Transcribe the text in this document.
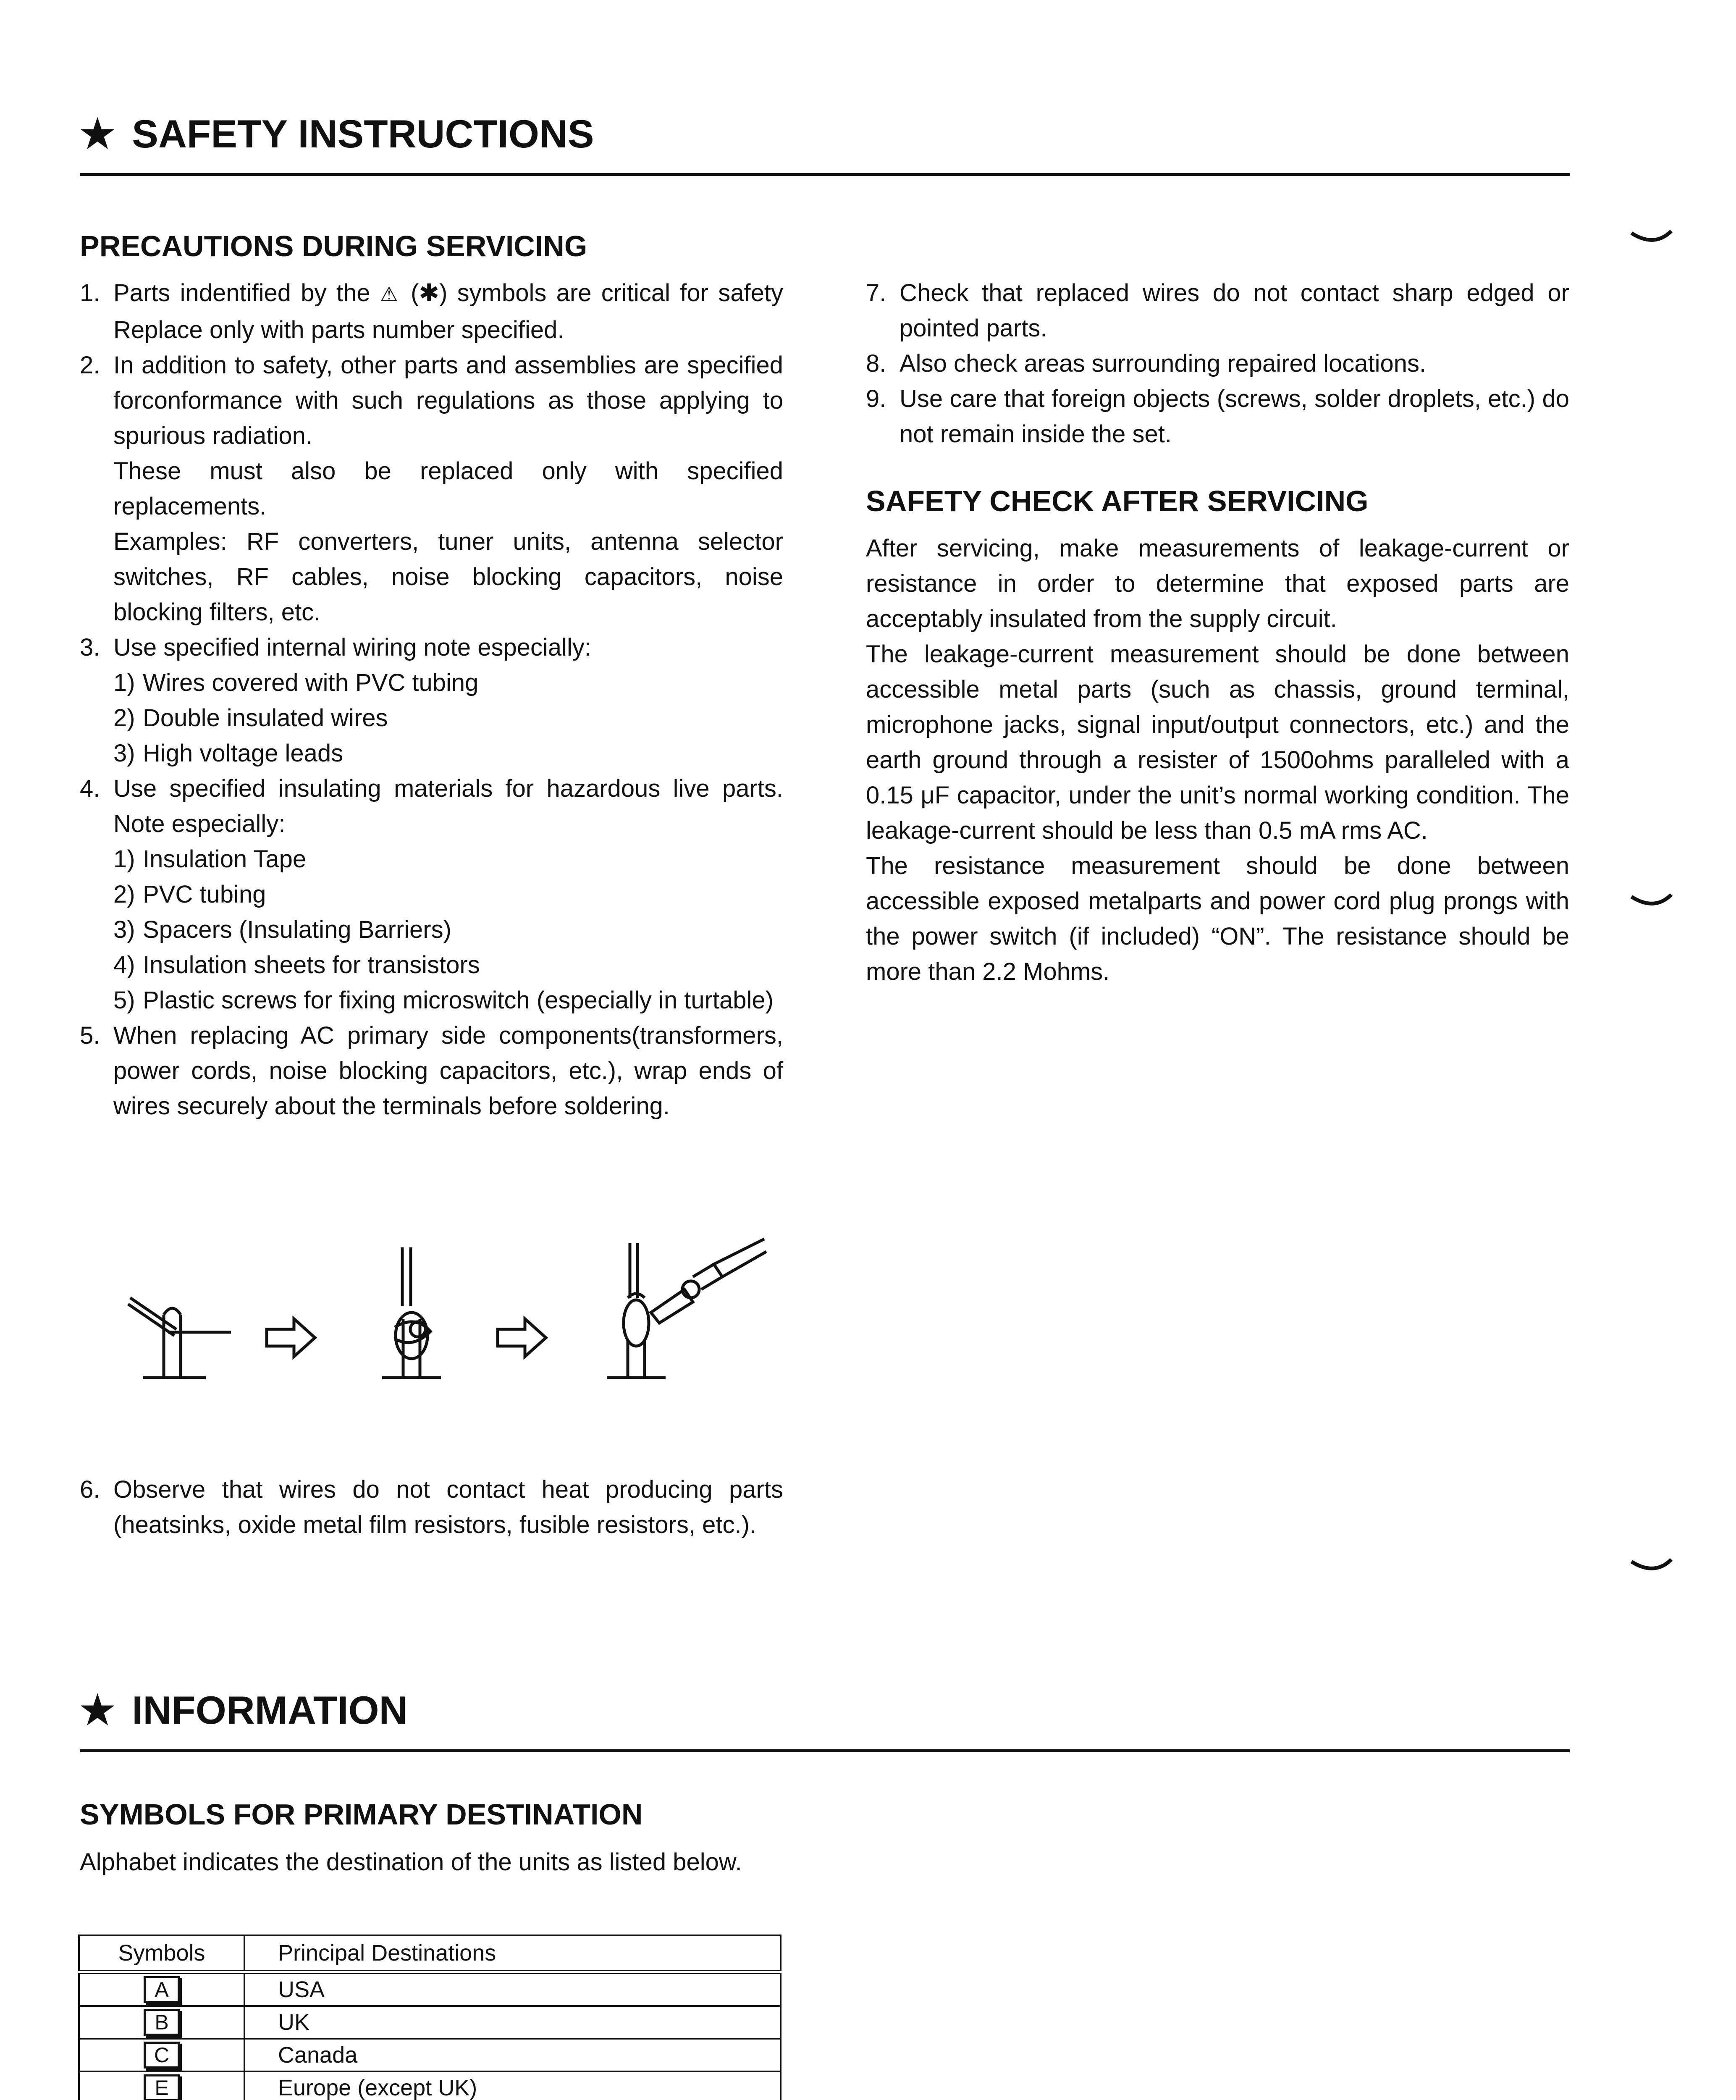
★ SAFETY INSTRUCTIONS
PRECAUTIONS DURING SERVICING
1. Parts indentified by the ⚠ (✱) symbols are critical for safety Replace only with parts number specified.
2. In addition to safety, other parts and assemblies are specified forconformance with such regulations as those applying to spurious radiation.

These must also be replaced only with specified replacements.

Examples: RF converters, tuner units, antenna selector switches, RF cables, noise blocking capacitors, noise blocking filters, etc.

3. Use specified internal wiring note especially:

1) Wires covered with PVC tubing
2) Double insulated wires
3) High voltage leads
4. Use specified insulating materials for hazardous live parts. Note especially:

1) Insulation Tape
2) PVC tubing
3) Spacers (Insulating Barriers)
4) Insulation sheets for transistors
5) Plastic screws for fixing microswitch (especially in turtable)
5. When replacing AC primary side components(transformers, power cords, noise blocking capacitors, etc.), wrap ends of wires securely about the terminals before soldering.

6. Observe that wires do not contact heat producing parts (heatsinks, oxide metal film resistors, fusible resistors, etc.).

7. Check that replaced wires do not contact sharp edged or pointed parts.

8. Also check areas surrounding repaired locations.

9. Use care that foreign objects (screws, solder droplets, etc.) do not remain inside the set.

SAFETY CHECK AFTER SERVICING

After servicing, make measurements of leakage-current or resistance in order to determine that exposed parts are acceptably insulated from the supply circuit.

The leakage-current measurement should be done between accessible metal parts (such as chassis, ground terminal, microphone jacks, signal input/output connectors, etc.) and the earth ground through a resister of 1500ohms paralleled with a 0.15 μF capacitor, under the unit’s normal working condition. The leakage-current should be less than 0.5 mA rms AC.

The resistance measurement should be done between accessible exposed metalparts and power cord plug prongs with the power switch (if included) “ON”. The resistance should be more than 2.2 Mohms.

★ INFORMATION
SYMBOLS FOR PRIMARY DESTINATION

Alphabet indicates the destination of the units as listed below.

Symbols	Principal Destinations
A	USA
B	UK
C	Canada
E	Europe (except UK)
